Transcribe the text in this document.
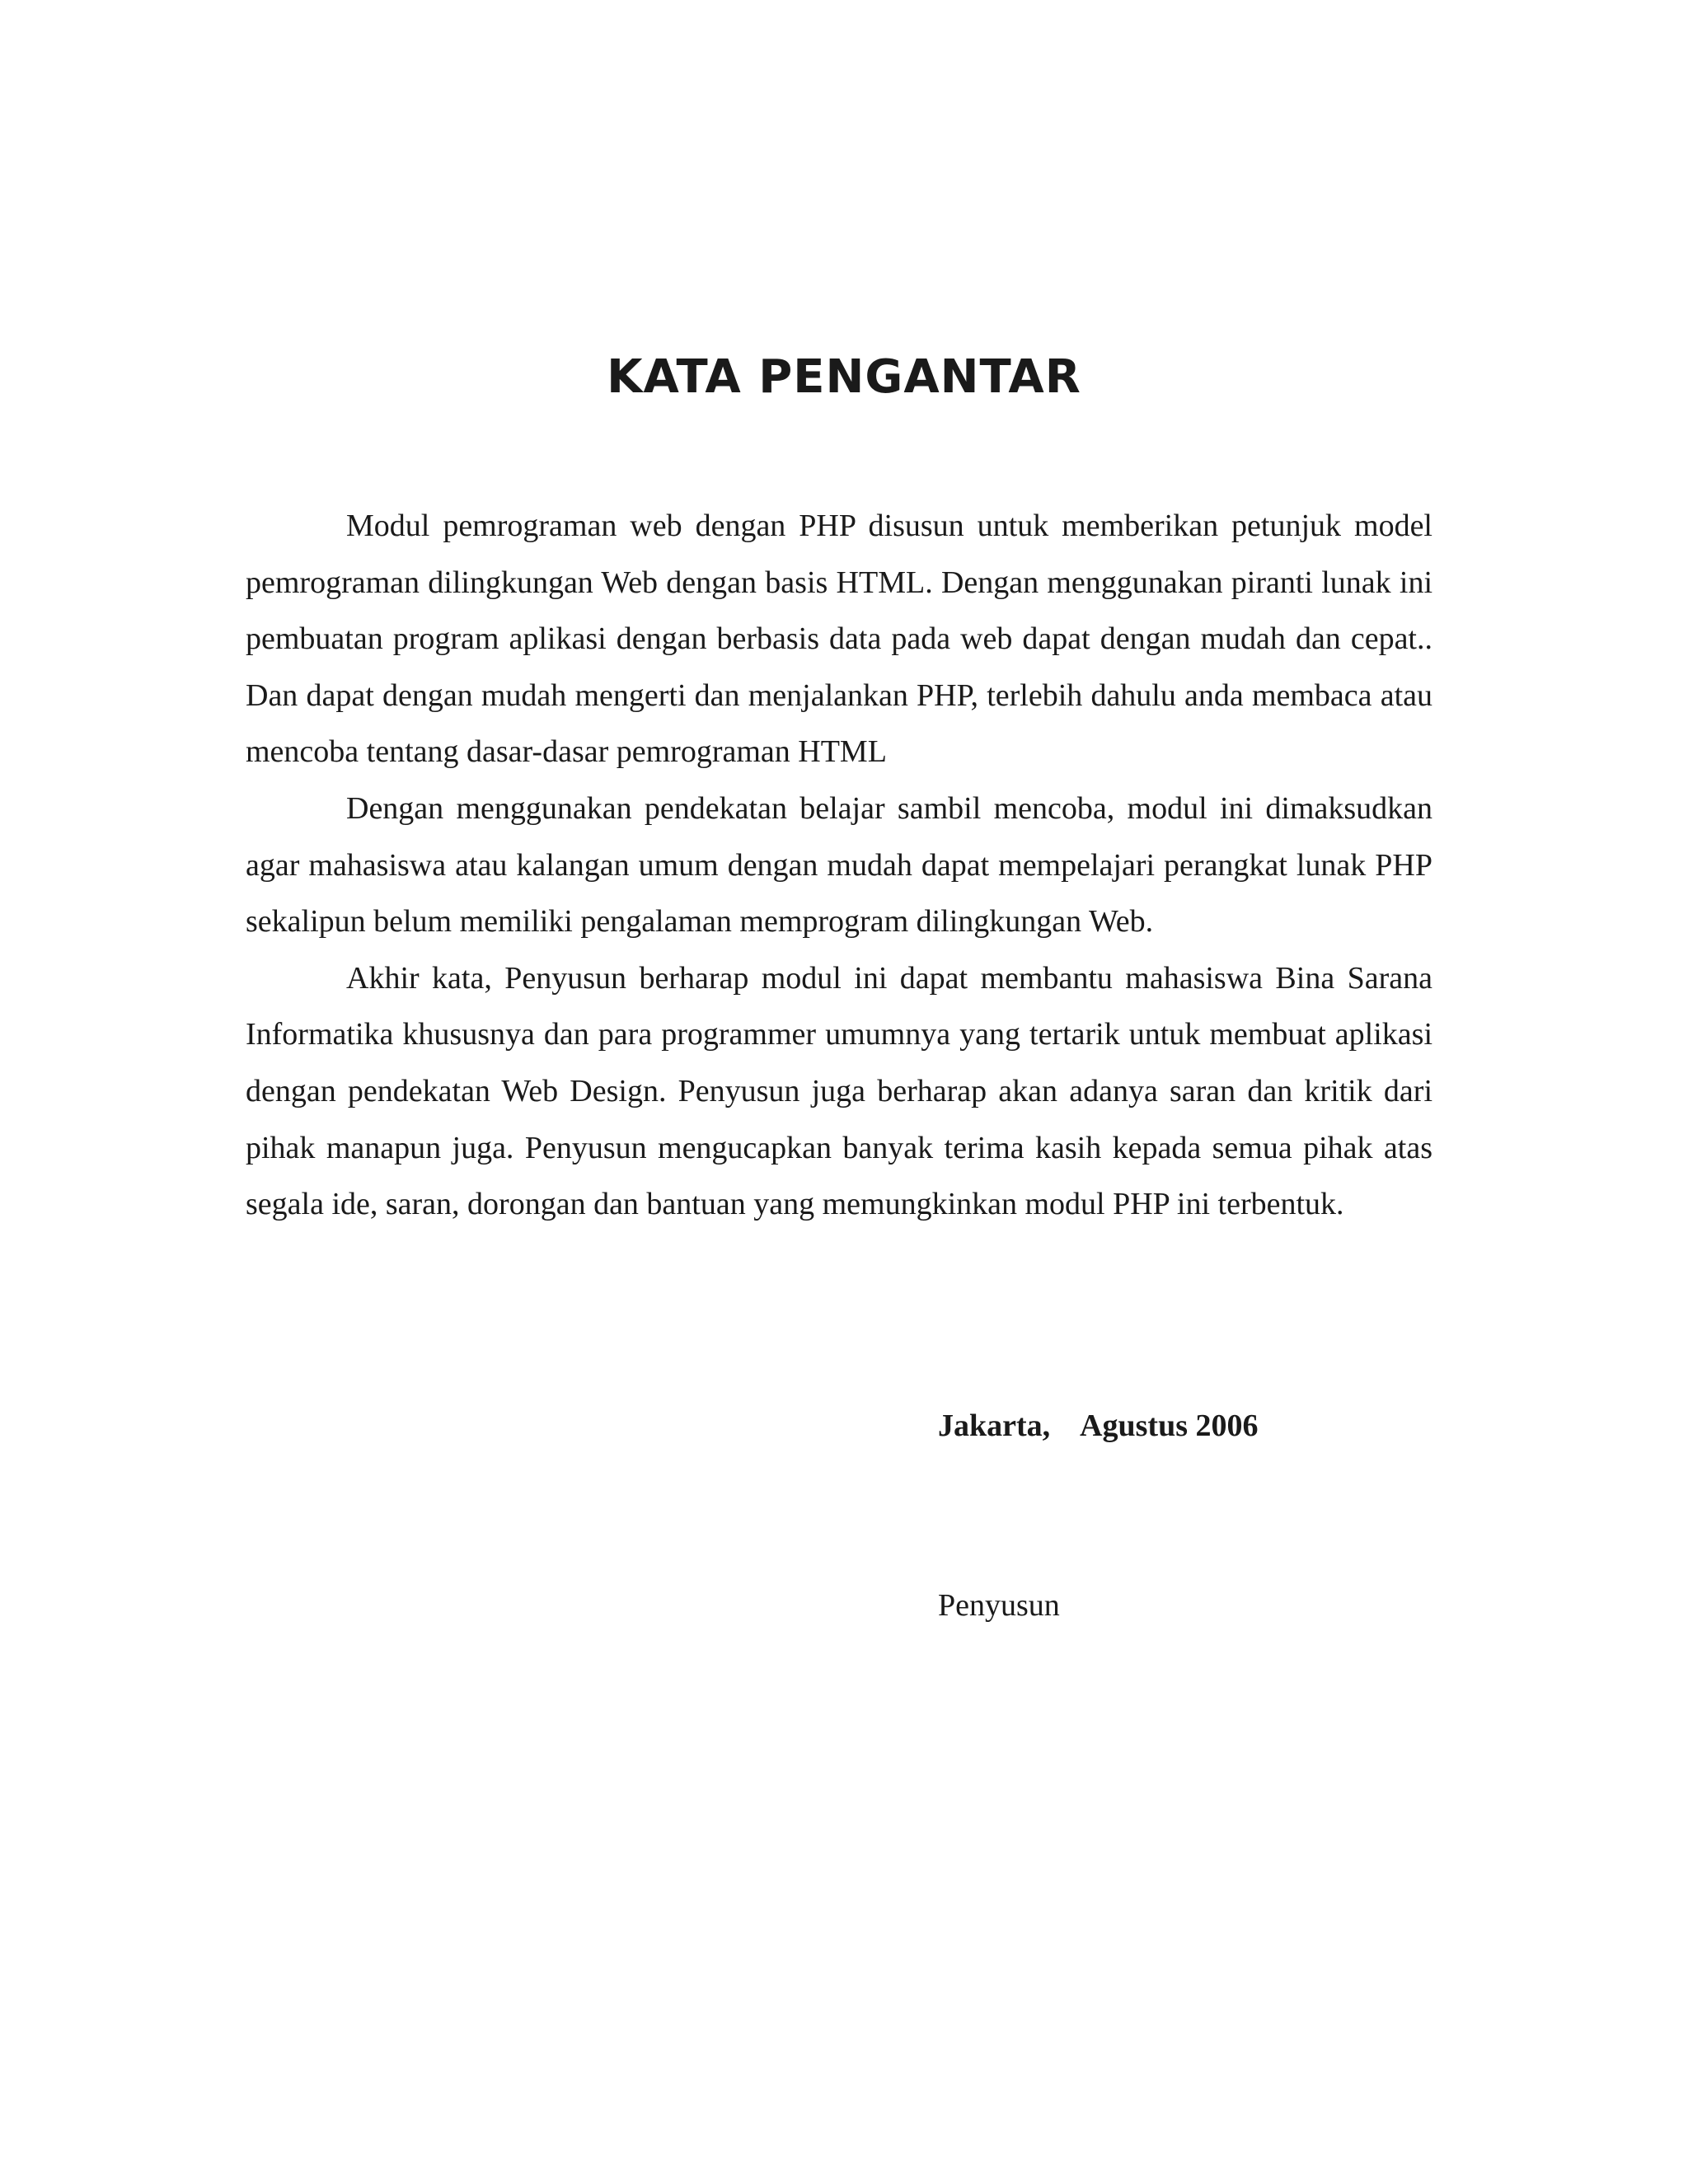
KATA PENGANTAR

Modul pemrograman web dengan PHP disusun untuk memberikan petunjuk model pemrograman dilingkungan Web dengan basis HTML. Dengan menggunakan piranti lunak ini pembuatan program aplikasi dengan berbasis data pada web dapat dengan mudah dan cepat.. Dan dapat dengan mudah mengerti dan menjalankan PHP, terlebih dahulu anda membaca atau mencoba tentang dasar-dasar pemrograman HTML

Dengan menggunakan pendekatan belajar sambil mencoba, modul ini dimaksudkan agar mahasiswa atau kalangan umum dengan mudah dapat mempelajari perangkat lunak PHP sekalipun belum memiliki pengalaman memprogram dilingkungan Web.

Akhir kata, Penyusun berharap modul ini dapat membantu mahasiswa Bina Sarana Informatika khususnya dan para programmer umumnya yang tertarik untuk membuat aplikasi dengan pendekatan Web Design. Penyusun juga berharap akan adanya saran dan kritik dari pihak manapun juga. Penyusun mengucapkan banyak terima kasih kepada semua pihak atas segala ide, saran, dorongan dan bantuan yang memungkinkan modul PHP ini terbentuk.

Jakarta,    Agustus 2006
Penyusun
